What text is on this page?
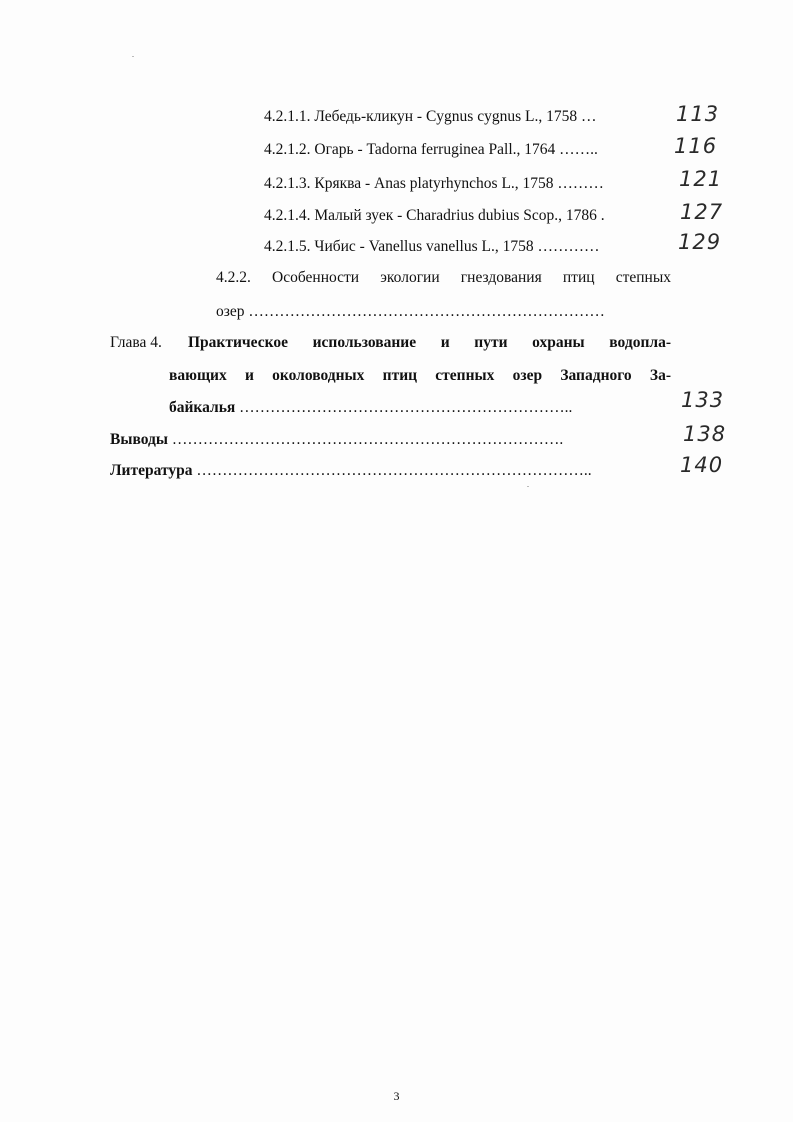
4.2.1.1. Лебедь-кликун - Cygnus cygnus L., 1758 …	113
4.2.1.2. Огарь - Tadorna ferruginea Pall., 1764 ……..	116
4.2.1.3. Кряква - Anas platyrhynchos L., 1758 ………	121
4.2.1.4. Малый зуек - Charadrius dubius Scop., 1786 .	127
4.2.1.5. Чибис - Vanellus vanellus L., 1758 …………	129
4.2.2. Особенности экологии гнездования птиц степных
озер ……………………………………………………………
Глава 4. Практическое использование и пути охраны водопла-
вающих и околоводных птиц степных озер Западного За-
байкалья ………………………………………………………..	133
Выводы ………………………………………………………………….	138
Литература …………………………………………………………………..	140
3
